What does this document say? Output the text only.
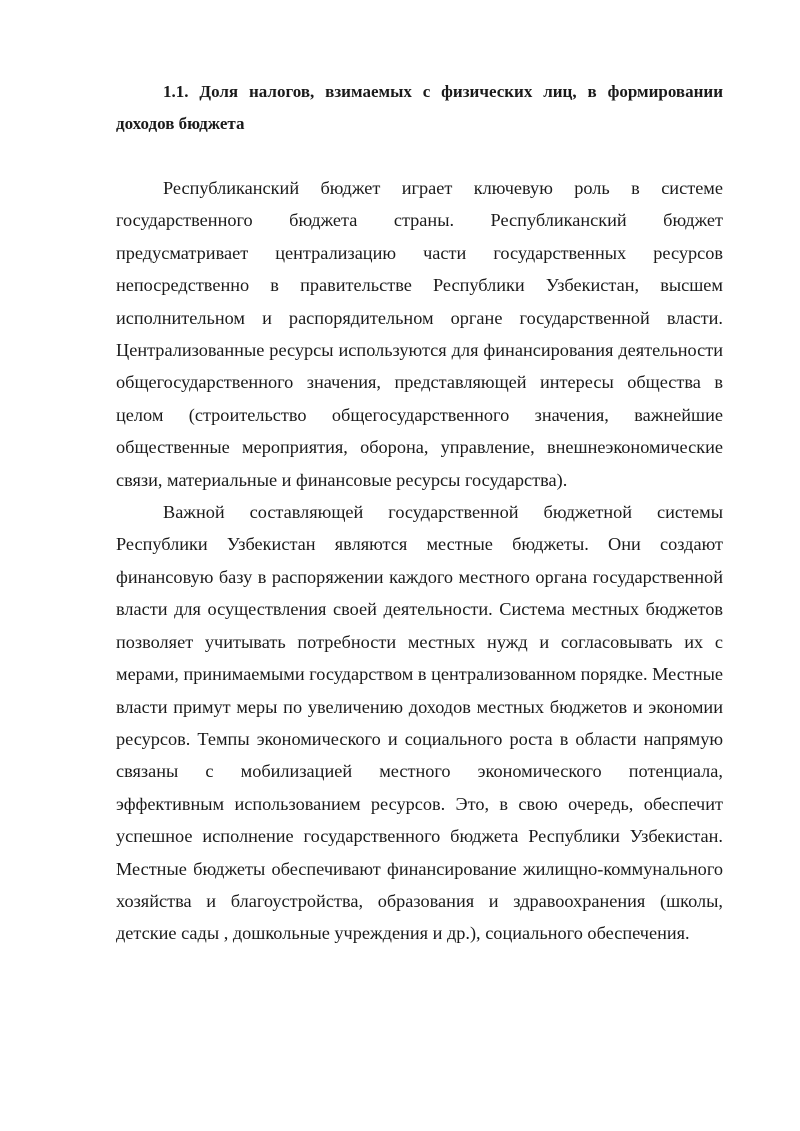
1.1. Доля налогов, взимаемых с физических лиц, в формировании доходов бюджета

Республиканский бюджет играет ключевую роль в системе государственного бюджета страны. Республиканский бюджет предусматривает централизацию части государственных ресурсов непосредственно в правительстве Республики Узбекистан, высшем исполнительном и распорядительном органе государственной власти. Централизованные ресурсы используются для финансирования деятельности общегосударственного значения, представляющей интересы общества в целом (строительство общегосударственного значения, важнейшие общественные мероприятия, оборона, управление, внешнеэкономические связи, материальные и финансовые ресурсы государства).

Важной составляющей государственной бюджетной системы Республики Узбекистан являются местные бюджеты. Они создают финансовую базу в распоряжении каждого местного органа государственной власти для осуществления своей деятельности. Система местных бюджетов позволяет учитывать потребности местных нужд и согласовывать их с мерами, принимаемыми государством в централизованном порядке. Местные власти примут меры по увеличению доходов местных бюджетов и экономии ресурсов. Темпы экономического и социального роста в области напрямую связаны с мобилизацией местного экономического потенциала, эффективным использованием ресурсов. Это, в свою очередь, обеспечит успешное исполнение государственного бюджета Республики Узбекистан. Местные бюджеты обеспечивают финансирование жилищно-коммунального хозяйства и благоустройства, образования и здравоохранения (школы, детские сады , дошкольные учреждения и др.), социального обеспечения.
